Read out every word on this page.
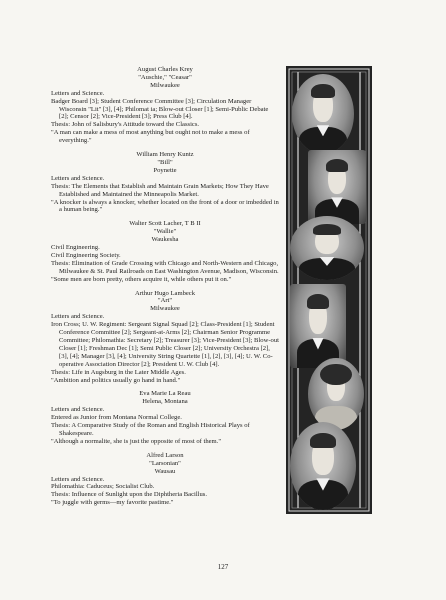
August Charles Krey
"Auschie," "Ceasar"
Milwaukee
Letters and Science.
Badger Board [3]; Student Conference Committee [3]; Circulation Manager Wisconsin "Lit" [3], [4]; Philomat ia; Blow-out Closer [1]; Semi-Public Debate [2]; Censor [2]; Vice-President [3]; Press Club [4].
Thesis: John of Salisbury's Attitude toward the Classics.
"A man can make a mess of most anything but ought not to make a mess of everything."
William Henry Kuntz
"Bill"
Poynette
Letters and Science.
Thesis: The Elements that Establish and Maintain Grain Markets; How They Have Established and Maintained the Minneapolis Market.
"A knocker is always a knocker, whether located on the front of a door or imbedded in a human being."
Walter Scott Lacher, T B II
"Wallie"
Waukesha
Civil Engineering.
Civil Engineering Society.
Thesis: Elimination of Grade Crossing with Chicago and North-Western and Chicago, Milwaukee & St. Paul Railroads on East Washington Avenue, Madison, Wisconsin.
"Some men are born pretty, others acquire it, while others put it on."
Arthur Hugo Lambeck
"Art"
Milwaukee
Letters and Science.
Iron Cross; U. W. Regiment: Sergeant Signal Squad [2]; Class-President [1]; Student Conference Committee [2]; Sergeant-at-Arms [2]; Chairman Senior Programme Committee; Philomathia: Secretary [2]; Treasurer [3]; Vice-President [3]; Blow-out Closer [1]; Freshman Dec [1]; Semi Public Closer [2]; University Orchestra [2], [3], [4]; Manager [3], [4]; University String Quartette [1], [2], [3], [4]; U. W. Co-operative Association Director [2]; President U. W. Club [4].
Thesis: Life in Augsburg in the Later Middle Ages.
"Ambition and politics usually go hand in hand."
Eva Marie La Reau
Helena, Montana
Letters and Science.
Entered as Junior from Montana Normal College.
Thesis: A Comparative Study of the Roman and English Historical Plays of Shakespeare.
"Although a normalite, she is just the opposite of most of them."
Alfred Larson
"Larsonian"
Wausau
Letters and Science.
Philomathia: Caduceus; Socialist Club.
Thesis: Influence of Sunlight upon the Diphtheria Bacillus.
"To juggle with germs—my favorite pastime."
127
